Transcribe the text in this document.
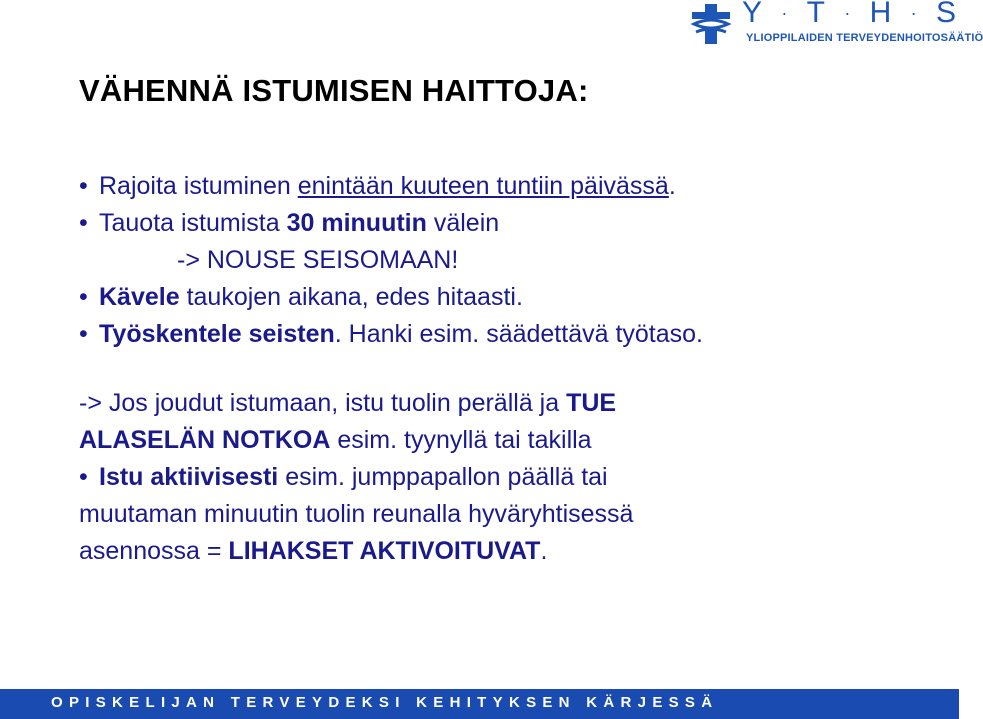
Y · T · H · S
YLIOPPILAIDEN TERVEYDENHOITOSÄÄTIÖ
VÄHENNÄ ISTUMISEN HAITTOJA:
• Rajoita istuminen enintään kuuteen tuntiin päivässä.
• Tauota istumista 30 minuutin välein
-> NOUSE SEISOMAAN!
• Kävele taukojen aikana, edes hitaasti.
• Työskentele seisten. Hanki esim. säädettävä työtaso.
-> Jos joudut istumaan, istu tuolin perällä ja TUE
ALASELÄN NOTKOA esim. tyynyllä tai takilla
• Istu aktiivisesti esim. jumppapallon päällä tai
muutaman minuutin tuolin reunalla hyväryhtisessä
asennossa = LIHAKSET AKTIVOITUVAT.
OPISKELIJAN TERVEYDEKSI KEHITYKSEN KÄRJESSÄ
